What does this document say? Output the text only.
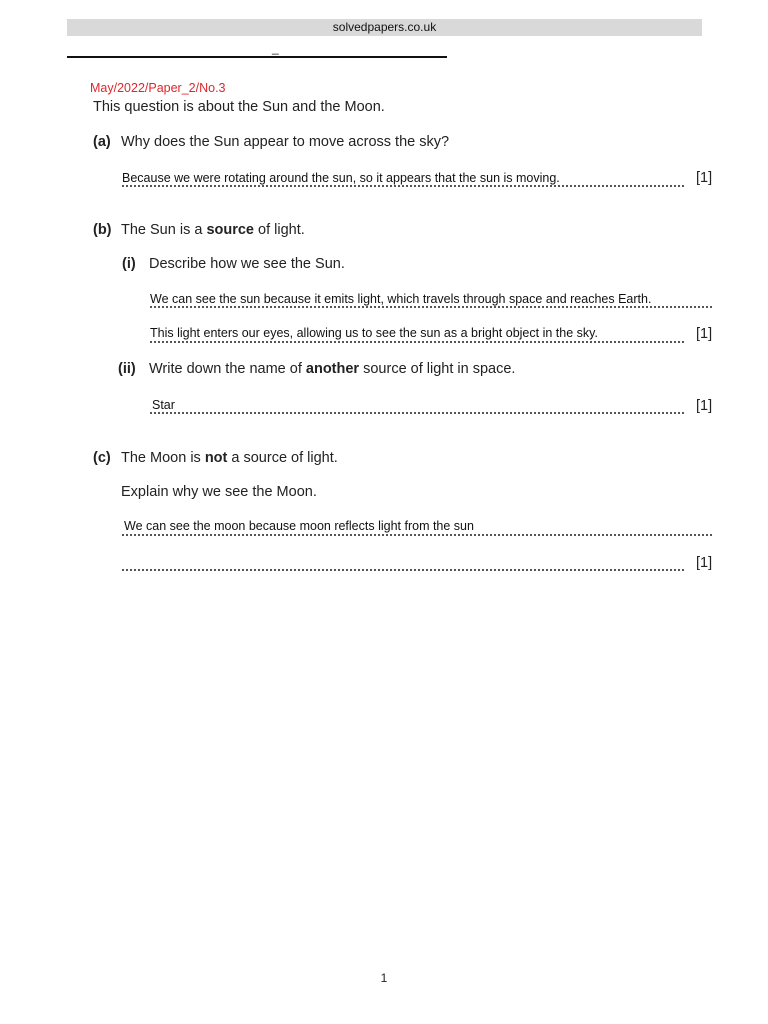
solvedpapers.co.uk
_
May/2022/Paper_2/No.3
This question is about the Sun and the Moon.
(a) Why does the Sun appear to move across the sky?
Because we were rotating around the sun, so it appears that the sun is moving.	[1]
(b) The Sun is a source of light.
(i) Describe how we see the Sun.
We can see the sun because it emits light, which travels through space and reaches Earth.
This light enters our eyes, allowing us to see the sun as a bright object in the sky.	[1]
(ii) Write down the name of another source of light in space.
Star	[1]
(c) The Moon is not a source of light.
Explain why we see the Moon.
We can see the moon because moon reflects light from the sun
[1]
1
